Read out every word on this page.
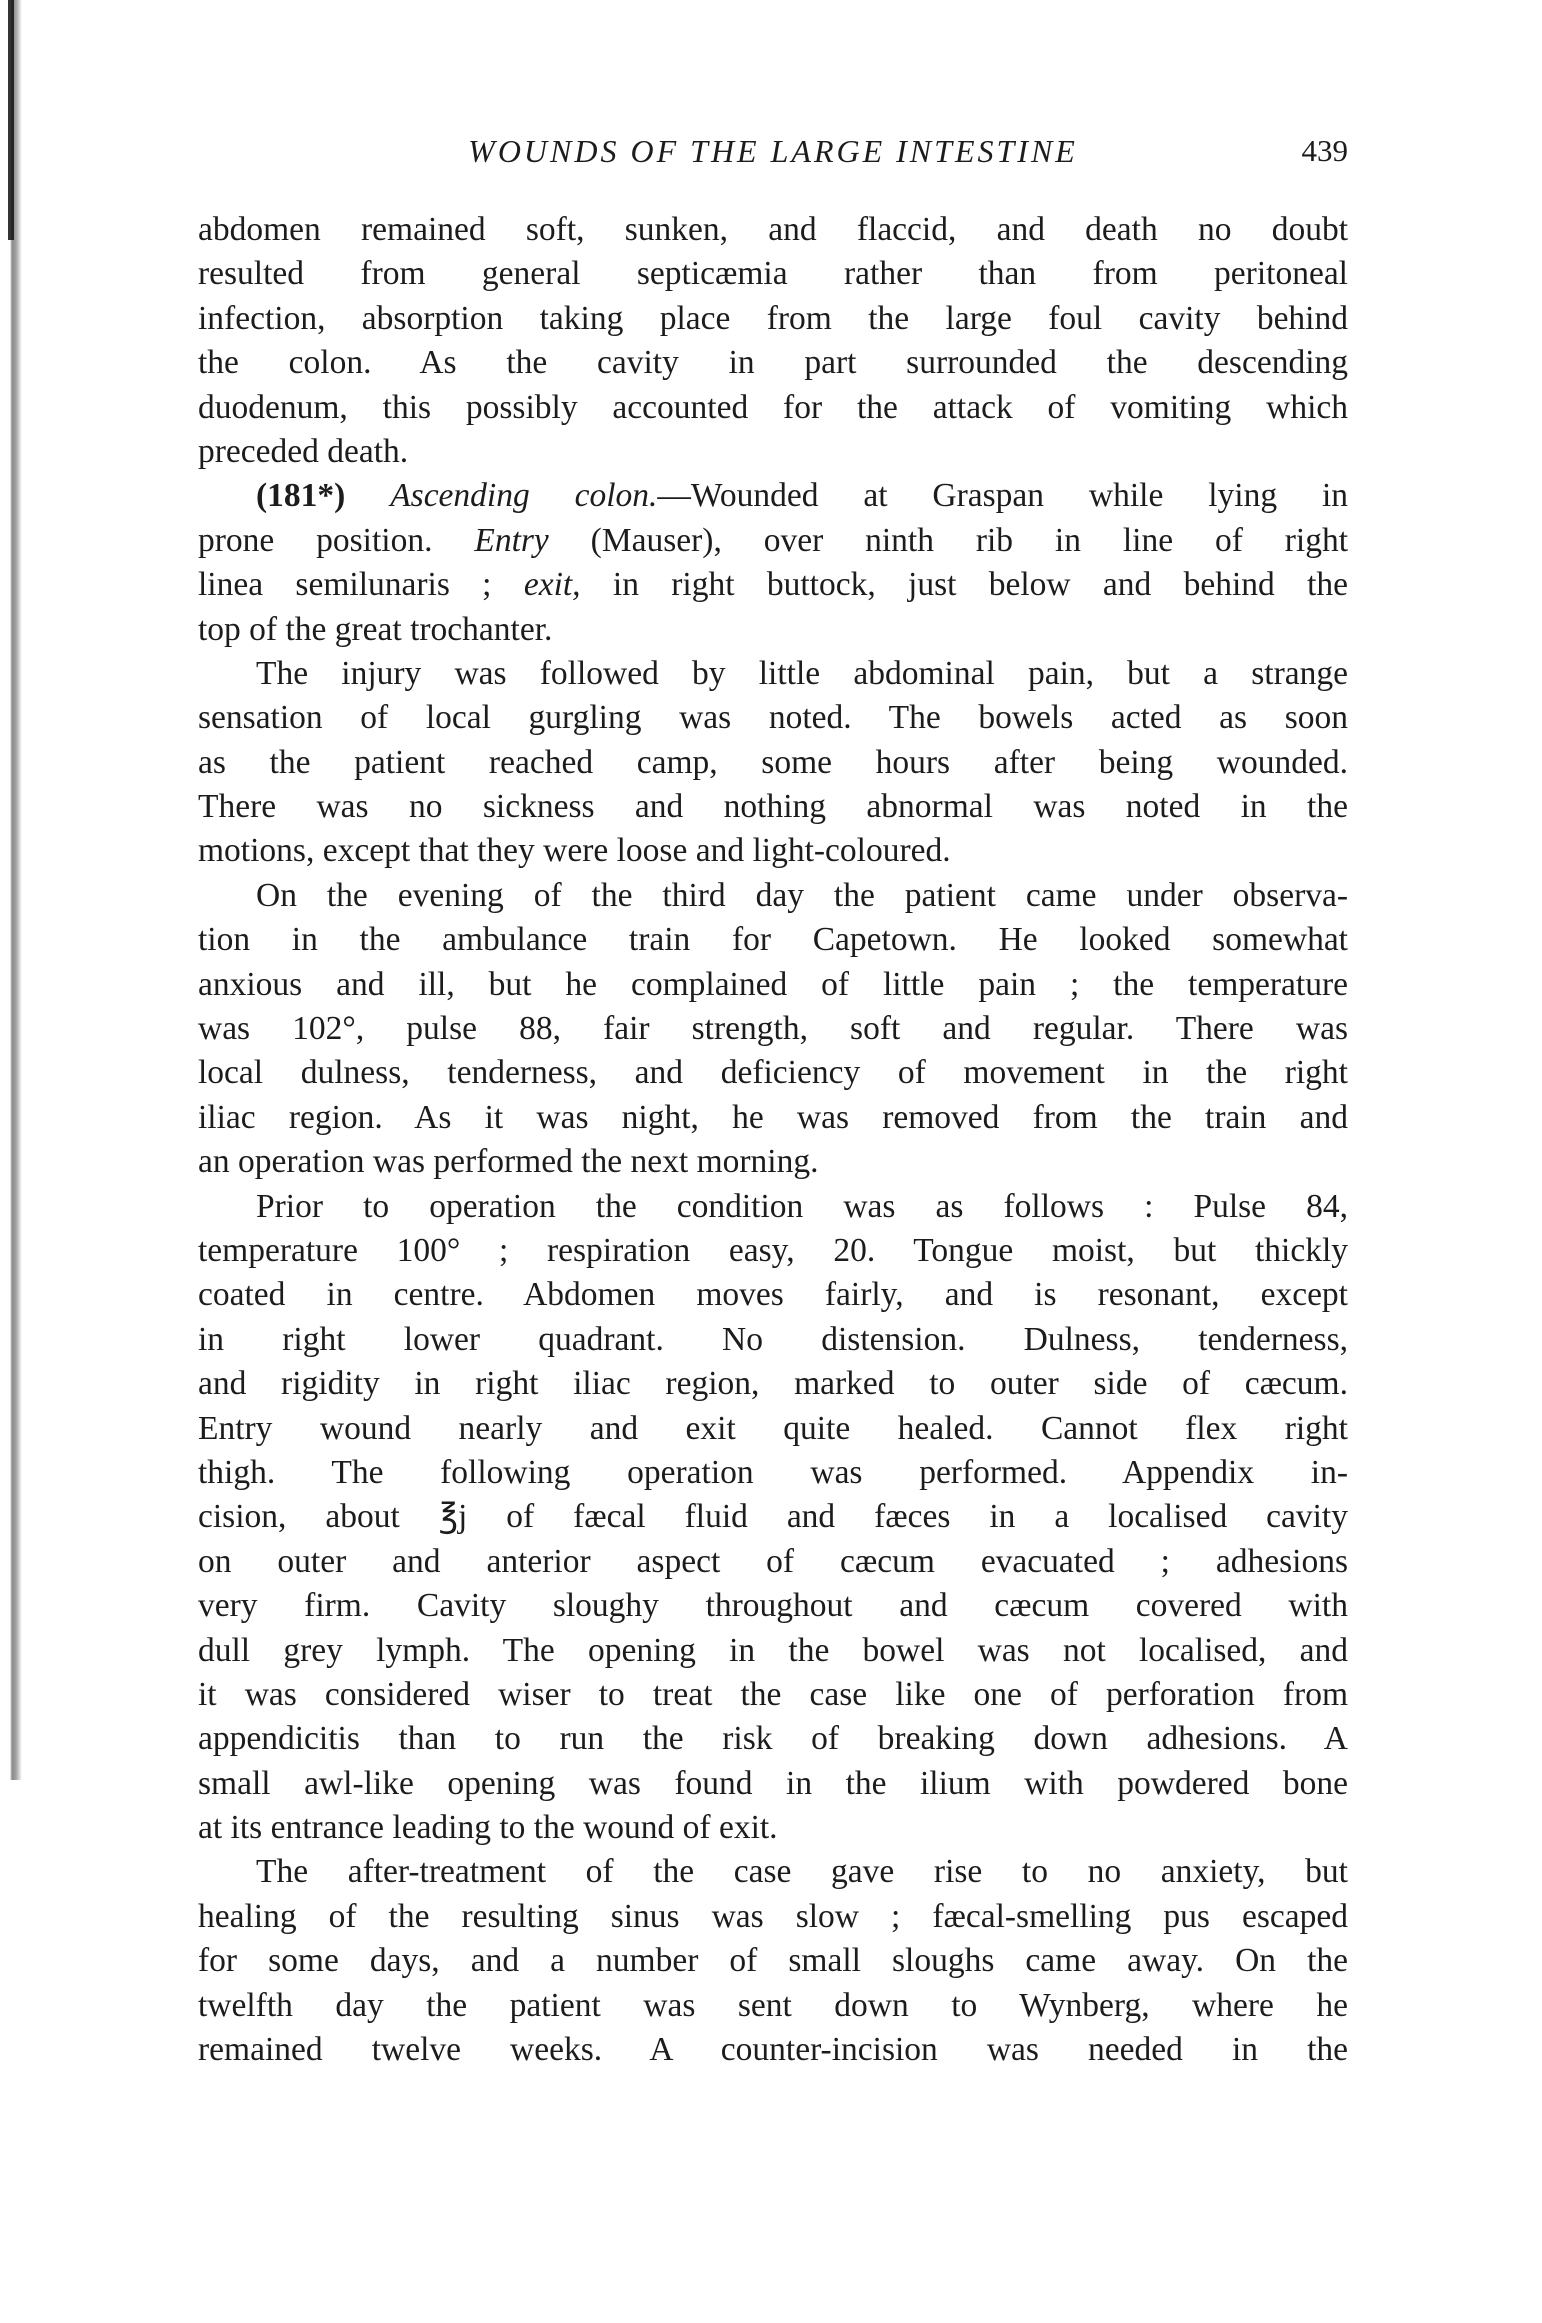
WOUNDS OF THE LARGE INTESTINE	439
abdomen remained soft, sunken, and flaccid, and death no doubt
resulted from general septicæmia rather than from peritoneal
infection, absorption taking place from the large foul cavity behind
the colon. As the cavity in part surrounded the descending
duodenum, this possibly accounted for the attack of vomiting which
preceded death.
(181*) Ascending colon.—Wounded at Graspan while lying in
prone position. Entry (Mauser), over ninth rib in line of right
linea semilunaris ; exit, in right buttock, just below and behind the
top of the great trochanter.
The injury was followed by little abdominal pain, but a strange
sensation of local gurgling was noted. The bowels acted as soon
as the patient reached camp, some hours after being wounded.
There was no sickness and nothing abnormal was noted in the
motions, except that they were loose and light-coloured.
On the evening of the third day the patient came under observa-
tion in the ambulance train for Capetown. He looked somewhat
anxious and ill, but he complained of little pain ; the temperature
was 102°, pulse 88, fair strength, soft and regular. There was
local dulness, tenderness, and deficiency of movement in the right
iliac region. As it was night, he was removed from the train and
an operation was performed the next morning.
Prior to operation the condition was as follows : Pulse 84,
temperature 100° ; respiration easy, 20. Tongue moist, but thickly
coated in centre. Abdomen moves fairly, and is resonant, except
in right lower quadrant. No distension. Dulness, tenderness,
and rigidity in right iliac region, marked to outer side of cæcum.
Entry wound nearly and exit quite healed. Cannot flex right
thigh. The following operation was performed. Appendix in-
cision, about ℥j of fæcal fluid and fæces in a localised cavity
on outer and anterior aspect of cæcum evacuated ; adhesions
very firm. Cavity sloughy throughout and cæcum covered with
dull grey lymph. The opening in the bowel was not localised, and
it was considered wiser to treat the case like one of perforation from
appendicitis than to run the risk of breaking down adhesions. A
small awl-like opening was found in the ilium with powdered bone
at its entrance leading to the wound of exit.
The after-treatment of the case gave rise to no anxiety, but
healing of the resulting sinus was slow ; fæcal-smelling pus escaped
for some days, and a number of small sloughs came away. On the
twelfth day the patient was sent down to Wynberg, where he
remained twelve weeks. A counter-incision was needed in the
